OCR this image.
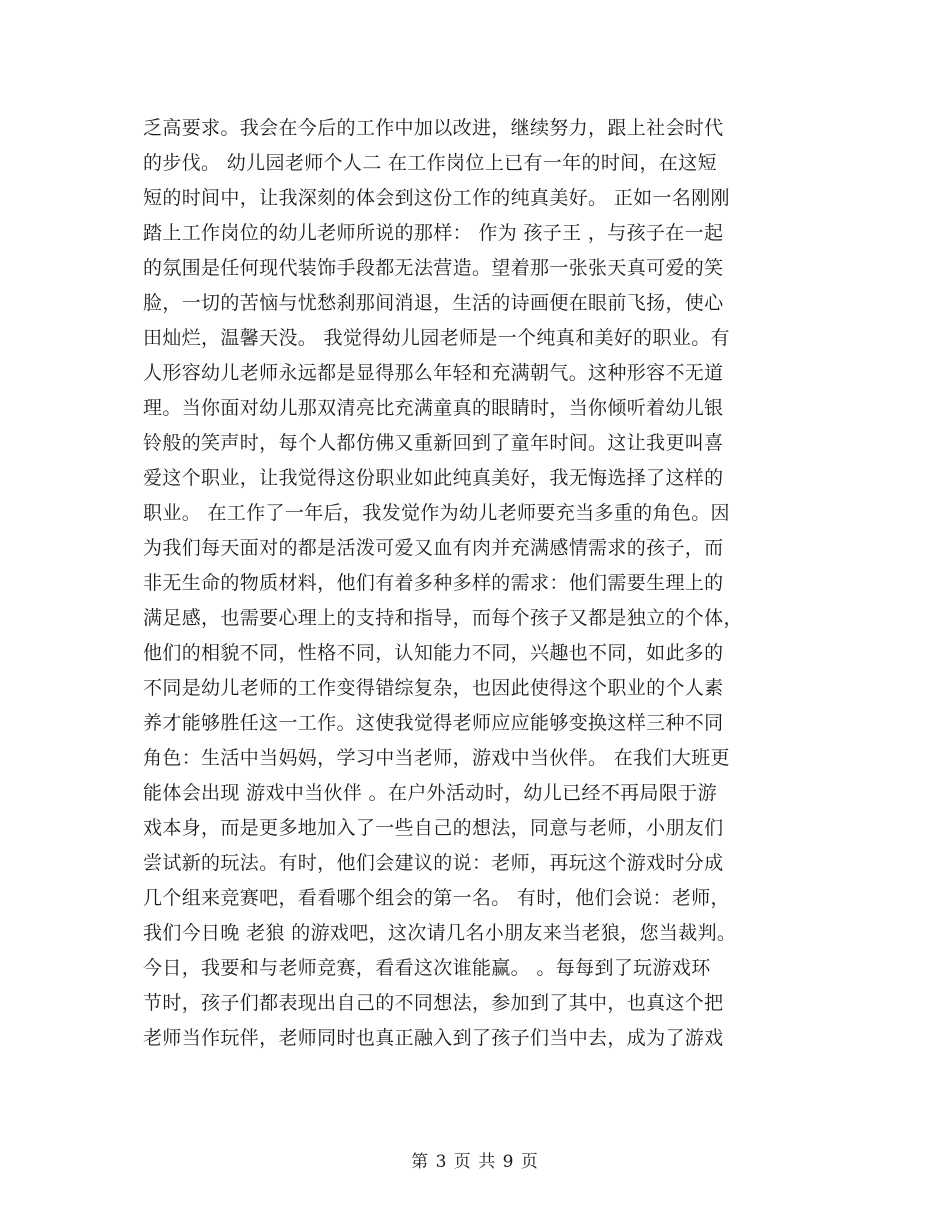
乏高要求。我会在今后的工作中加以改进，继续努力，跟上社会时代
的步伐。 幼儿园老师个人二 在工作岗位上已有一年的时间，在这短
短的时间中，让我深刻的体会到这份工作的纯真美好。 正如一名刚刚
踏上工作岗位的幼儿老师所说的那样： 作为 孩子王 ，与孩子在一起
的氛围是任何现代装饰手段都无法营造。望着那一张张天真可爱的笑
脸，一切的苦恼与忧愁刹那间消退，生活的诗画便在眼前飞扬，使心
田灿烂，温馨天没。 我觉得幼儿园老师是一个纯真和美好的职业。有
人形容幼儿老师永远都是显得那么年轻和充满朝气。这种形容不无道
理。当你面对幼儿那双清亮比充满童真的眼睛时，当你倾听着幼儿银
铃般的笑声时，每个人都仿佛又重新回到了童年时间。这让我更叫喜
爱这个职业，让我觉得这份职业如此纯真美好，我无悔选择了这样的
职业。 在工作了一年后，我发觉作为幼儿老师要充当多重的角色。因
为我们每天面对的都是活泼可爱又血有肉并充满感情需求的孩子，而
非无生命的物质材料，他们有着多种多样的需求：他们需要生理上的
满足感，也需要心理上的支持和指导，而每个孩子又都是独立的个体，
他们的相貌不同，性格不同，认知能力不同，兴趣也不同，如此多的
不同是幼儿老师的工作变得错综复杂，也因此使得这个职业的个人素
养才能够胜任这一工作。这使我觉得老师应应能够变换这样三种不同
角色：生活中当妈妈，学习中当老师，游戏中当伙伴。 在我们大班更
能体会出现 游戏中当伙伴 。在户外活动时，幼儿已经不再局限于游
戏本身，而是更多地加入了一些自己的想法，同意与老师，小朋友们
尝试新的玩法。有时，他们会建议的说：老师，再玩这个游戏时分成
几个组来竞赛吧，看看哪个组会的第一名。 有时，他们会说：老师，
我们今日晚 老狼 的游戏吧，这次请几名小朋友来当老狼，您当裁判。
今日，我要和与老师竞赛，看看这次谁能赢。 。每每到了玩游戏环
节时，孩子们都表现出自己的不同想法，参加到了其中，也真这个把
老师当作玩伴，老师同时也真正融入到了孩子们当中去，成为了游戏
第 3 页 共 9 页
